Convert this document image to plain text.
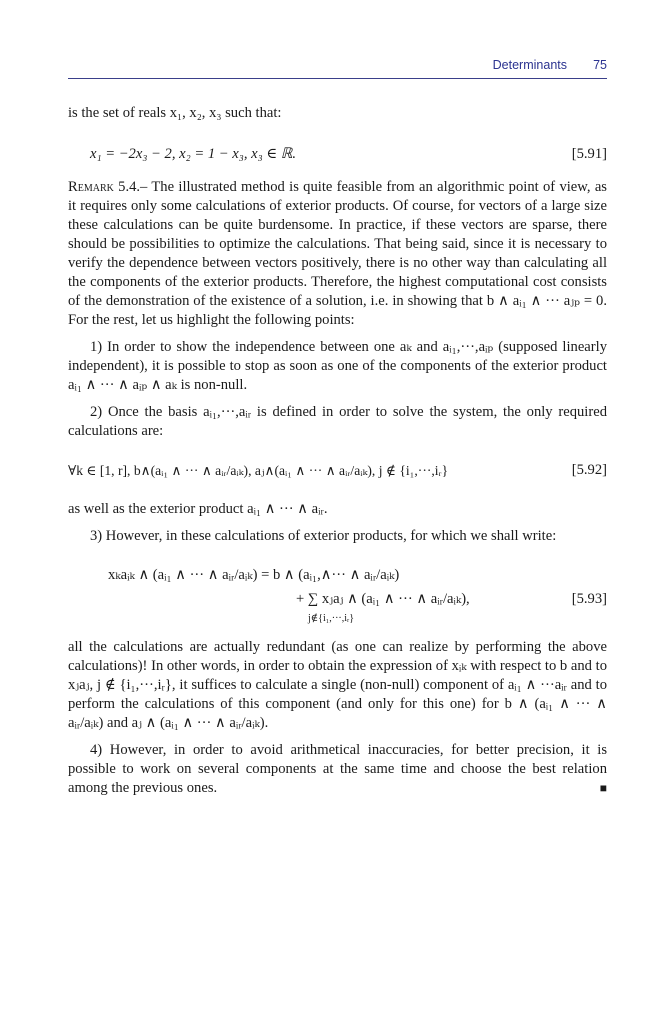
Determinants 75

is the set of reals x₁, x₂, x₃ such that:

x₁ = −2x₃ − 2, x₂ = 1 − x₃, x₃ ∈ ℝ.	[5.91]

Remark 5.4.– The illustrated method is quite feasible from an algorithmic point of view, as it requires only some calculations of exterior products. Of course, for vectors of a large size these calculations can be quite burdensome. In practice, if these vectors are sparse, there should be possibilities to optimize the calculations. That being said, since it is necessary to verify the dependence between vectors positively, there is no other way than calculating all the components of the exterior products. Therefore, the highest computational cost consists of the demonstration of the existence of a solution, i.e. in showing that b ∧ aᵢ₁ ∧ ··· aⱼₚ = 0. For the rest, let us highlight the following points:

1) In order to show the independence between one aₖ and aᵢ₁,···,aᵢₚ (supposed linearly independent), it is possible to stop as soon as one of the components of the exterior product aᵢ₁ ∧ ··· ∧ aᵢₚ ∧ aₖ is non-null.

2) Once the basis aᵢ₁,···,aᵢᵣ is defined in order to solve the system, the only required calculations are:

∀k ∈ [1, r], b∧(aᵢ₁ ∧ ··· ∧ aᵢᵣ/aᵢₖ), aⱼ∧(aᵢ₁ ∧ ··· ∧ aᵢᵣ/aᵢₖ), j ∉ {i₁,···,iᵣ}	[5.92]

as well as the exterior product aᵢ₁ ∧ ··· ∧ aᵢᵣ.

3) However, in these calculations of exterior products, for which we shall write:

xₖaᵢₖ ∧ (aᵢ₁ ∧ ··· ∧ aᵢᵣ/aᵢₖ) = b ∧ (aᵢ₁,∧··· ∧ aᵢᵣ/aᵢₖ)
+ ∑ xⱼaⱼ ∧ (aᵢ₁ ∧ ··· ∧ aᵢᵣ/aᵢₖ),
j∉{i₁,···,iᵣ}
[5.93]

all the calculations are actually redundant (as one can realize by performing the above calculations)! In other words, in order to obtain the expression of xᵢₖ with respect to b and to xⱼaⱼ, j ∉ {i₁,···,iᵣ}, it suffices to calculate a single (non-null) component of aᵢ₁ ∧ ···aᵢᵣ and to perform the calculations of this component (and only for this one) for b ∧ (aᵢ₁ ∧ ··· ∧ aᵢᵣ/aᵢₖ) and aⱼ ∧ (aᵢ₁ ∧ ··· ∧ aᵢᵣ/aᵢₖ).

4) However, in order to avoid arithmetical inaccuracies, for better precision, it is possible to work on several components at the same time and choose the best relation among the previous ones.	■
